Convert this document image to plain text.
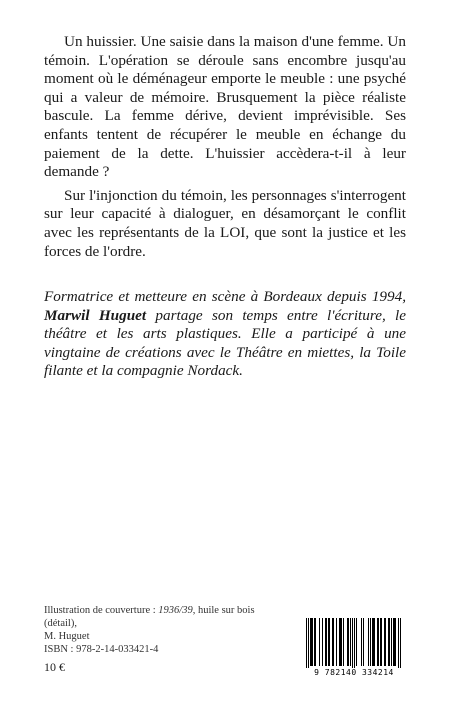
Un huissier. Une saisie dans la maison d'une femme. Un témoin. L'opération se déroule sans encombre jusqu'au moment où le déménageur emporte le meuble : une psyché qui a valeur de mémoire. Brusquement la pièce réaliste bascule. La femme dérive, devient imprévisible. Ses enfants tentent de récupérer le meuble en échange du paiement de la dette. L'huissier accèdera-t-il à leur demande ?

Sur l'injonction du témoin, les personnages s'interrogent sur leur capacité à dialoguer, en désamorçant le conflit avec les représentants de la LOI, que sont la justice et les forces de l'ordre.

Formatrice et metteure en scène à Bordeaux depuis 1994, Marwil Huguet partage son temps entre l'écriture, le théâtre et les arts plastiques. Elle a participé à une vingtaine de créations avec le Théâtre en miettes, la Toile filante et la compagnie Nordack.
Illustration de couverture : 1936/39, huile sur bois (détail),
M. Huguet
ISBN : 978-2-14-033421-4
10 €	9 782140 334214
